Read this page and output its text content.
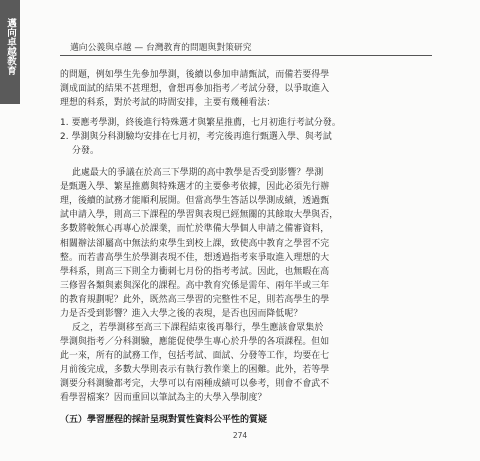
邁向卓越教育	邁向公義與卓越 — 台灣教育的問題與對策研究

的問題，例如學生先參加學測，後續以參加申請甄試，而備若要得學

測成面試的結果不甚理想，會想再參加指考／考試分發，以爭取進入

理想的科系，對於考試的時間安排，主要有幾種看法：

1. 要應考學測，終後進行特殊選才與繁星推薦，七月初進行考試分發。

2. 學測與分科測驗均安排在七月初，考完後再進行甄選入學、與考試

分發。

此處最大的爭議在於高三下學期的高中教學是否受到影響？學測

是甄選入學、繁星推薦與特殊選才的主要參考依據，因此必須先行辦

理，後續的試務才能順利展開。但當高學生答話以學測成績，透過甄

試申請入學，則高三下課程的學習與表現已經無關的其餘取大學與否，

多數將較無心再專心於課業，而忙於準備大學個人申請之備審資料，

相關辦法卻屬高中無法約束學生到校上課，致使高中教育之學習不完

整。而若書高學生於學測表現不佳，想透過指考來爭取進入理想的大

學科系，則高三下則全力衝刺七月份的指考考試。因此，也無暇在高

三修習各類與素與深化的課程。高中教育究係是需年、兩年半或三年

的教育規劃呢？此外，既然高三學習的完整性不足，則若高學生的學

力是否受到影響？進入大學之後的表現，是否也因而降低呢？

反之，若學測移至高三下課程結束後再舉行，學生應該會眾集於

學測與指考／分科測驗，應能促使學生專心於升學的各項課程。但如

此一來，所有的試務工作，包括考試、面試、分發等工作，均要在七

月前後完成，多數大學則表示有執行教作業上的困難。此外，若等學

測要分科測驗都考完，大學可以有兩種成績可以參考，則會不會武不

看學習檔案？因而重回以筆試為主的大學入學制度？

（五）學習歷程的採計呈現對質性資料公平性的質疑
274
